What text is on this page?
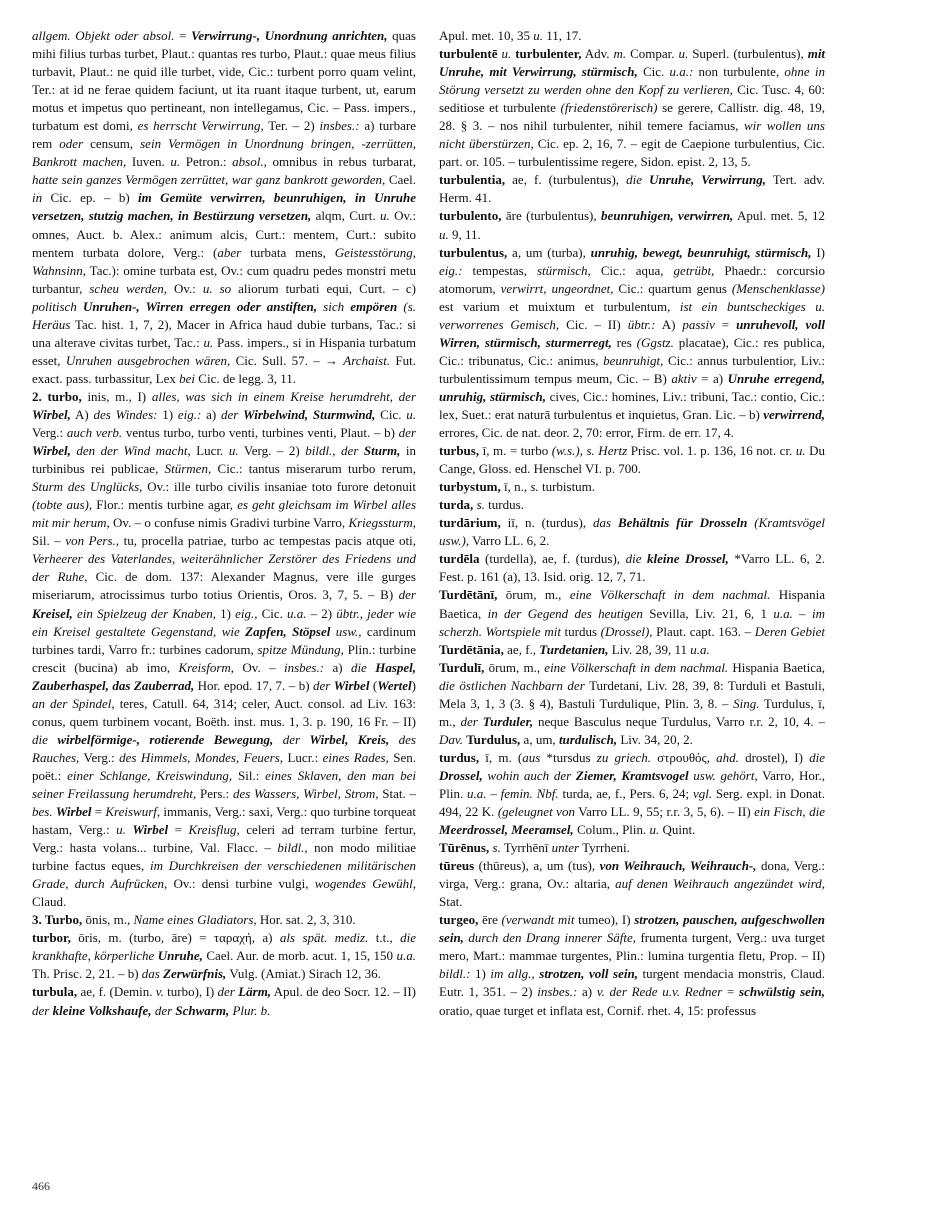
allgem. Objekt oder absol. = Verwirrung-, Unordnung anrichten, quas mihi filius turbas turbet, Plaut.: quantas res turbo, Plaut.: quae meus filius turbavit, Plaut.: ne quid ille turbet, vide, Cic.: turbent porro quam velint, Ter.: at id ne ferae quidem faciunt, ut ita ruant itaque turbent, ut, earum motus et impetus quo pertineant, non intellegamus, Cic. – Pass. impers., turbatum est domi, es herrscht Verwirrung, Ter. – 2) insbes.: a) turbare rem oder censum, sein Vermögen in Unordnung bringen, -zerrütten, Bankrott machen, Iuven. u. Petron.: absol., omnibus in rebus turbarat, hatte sein ganzes Vermögen zerrüttet, war ganz bankrott geworden, Cael. in Cic. ep. – b) im Gemüte verwirren, beunruhigen, in Unruhe versetzen, stutzig machen, in Bestürzung versetzen, alqm, Curt. u. Ov.: omnes, Auct. b. Alex.: animum alcis, Curt.: mentem, Curt.: subito mentem turbata dolore, Verg.: (aber turbata mens, Geistesstörung, Wahnsinn, Tac.): omine turbata est, Ov.: cum quadru pedes monstri metu turbantur, scheu werden, Ov.: u. so aliorum turbati equi, Curt. – c) politisch Unruhen-, Wirren erregen oder anstiften, sich empören (s. Heräus Tac. hist. 1, 7, 2), Macer in Africa haud dubie turbans, Tac.: si una alterave civitas turbet, Tac.: u. Pass. impers., si in Hispania turbatum esset, Unruhen ausgebrochen wären, Cic. Sull. 57. – → Archaist. Fut. exact. pass. turbassitur, Lex bei Cic. de legg. 3, 11.

2. turbo, inis, m., I) alles, was sich in einem Kreise herumdreht, der Wirbel, A) des Windes: 1) eig.: a) der Wirbelwind, Sturmwind, Cic. u. Verg.: auch verb. ventus turbo, turbo venti, turbines venti, Plaut. – b) der Wirbel, den der Wind macht, Lucr. u. Verg. – 2) bildl., der Sturm, in turbinibus rei publicae, Stürmen, Cic.: tantus miserarum turbo rerum, Sturm des Unglücks, Ov.: ille turbo civilis insaniae toto furore detonuit (tobte aus), Flor.: mentis turbine agar, es geht gleichsam im Wirbel alles mit mir herum, Ov. – o confuse nimis Gradivi turbine Varro, Kriegssturm, Sil. – von Pers., tu, procella patriae, turbo ac tempestas pacis atque oti, Verheerer des Vaterlandes, weiterähnlicher Zerstörer des Friedens und der Ruhe, Cic. de dom. 137: Alexander Magnus, vere ille gurges miseriarum, atrocissimus turbo totius Orientis, Oros. 3, 7, 5. – B) der Kreisel, ein Spielzeug der Knaben, 1) eig., Cic. u.a. – 2) übtr., jeder wie ein Kreisel gestaltete Gegenstand, wie Zapfen, Stöpsel usw., cardinum turbines tardi, Varro fr.: turbines cadorum, spitze Mündung, Plin.: turbine crescit (bucina) ab imo, Kreisform, Ov. – insbes.: a) die Haspel, Zauberhaspel, das Zauberrad, Hor. epod. 17, 7. – b) der Wirbel (Wertel) an der Spindel, teres, Catull. 64, 314; celer, Auct. consol. ad Liv. 163: conus, quem turbinem vocant, Boëth. inst. mus. 1, 3. p. 190, 16 Fr. – II) die wirbelförmige-, rotierende Bewegung, der Wirbel, Kreis, des Rauches, Verg.: des Himmels, Mondes, Feuers, Lucr.: eines Rades, Sen. poët.: einer Schlange, Kreiswindung, Sil.: eines Sklaven, den man bei seiner Freilassung herumdreht, Pers.: des Wassers, Wirbel, Strom, Stat. – bes. Wirbel = Kreiswurf, immanis, Verg.: saxi, Verg.: quo turbine torqueat hastam, Verg.: u. Wirbel = Kreisflug, celeri ad terram turbine fertur, Verg.: hasta volans... turbine, Val. Flacc. – bildl., non modo militiae turbine factus eques, im Durchkreisen der verschiedenen militärischen Grade, durch Aufrücken, Ov.: densi turbine vulgi, wogendes Gewühl, Claud.

3. Turbo, ōnis, m., Name eines Gladiators, Hor. sat. 2, 3, 310.

turbor, ōris, m. (turbo, āre) = ταραχή, a) als spät. mediz. t.t., die krankhafte, körperliche Unruhe, Cael. Aur. de morb. acut. 1, 15, 150 u.a. Th. Prisc. 2, 21. – b) das Zerwürfnis, Vulg. (Amiat.) Sirach 12, 36.

turbula, ae, f. (Demin. v. turbo), I) der Lärm, Apul. de deo Socr. 12. – II) der kleine Volkshaufe, der Schwarm, Plur. b.

Apul. met. 10, 35 u. 11, 17.

turbulentē u. turbulenter, Adv. m. Compar. u. Superl. (turbulentus), mit Unruhe, mit Verwirrung, stürmisch, Cic. u.a.: non turbulente, ohne in Störung versetzt zu werden ohne den Kopf zu verlieren, Cic. Tusc. 4, 60: seditiose et turbulente (friedenstörerisch) se gerere, Callistr. dig. 48, 19, 28. § 3. – nos nihil turbulenter, nihil temere faciamus, wir wollen uns nicht überstürzen, Cic. ep. 2, 16, 7. – egit de Caepione turbulentius, Cic. part. or. 105. – turbulentissime regere, Sidon. epist. 2, 13, 5.

turbulentia, ae, f. (turbulentus), die Unruhe, Verwirrung, Tert. adv. Herm. 41.

turbulento, āre (turbulentus), beunruhigen, verwirren, Apul. met. 5, 12 u. 9, 11.

turbulentus, a, um (turba), unruhig, bewegt, beunruhigt, stürmisch, I) eig.: tempestas, stürmisch, Cic.: aqua, getrübt, Phaedr.: corcursio atomorum, verwirrt, ungeordnet, Cic.: quartum genus (Menschenklasse) est varium et muixtum et turbulentum, ist ein buntscheckiges u. verworrenes Gemisch, Cic. – II) übtr.: A) passiv = unruhevoll, voll Wirren, stürmisch, sturmerregt, res (Ggstz. placatae), Cic.: res publica, Cic.: tribunatus, Cic.: animus, beunruhigt, Cic.: annus turbulentior, Liv.: turbulentissimum tempus meum, Cic. – B) aktiv = a) Unruhe erregend, unruhig, stürmisch, cives, Cic.: homines, Liv.: tribuni, Tac.: contio, Cic.: lex, Suet.: erat naturā turbulentus et inquietus, Gran. Lic. – b) verwirrend, errores, Cic. de nat. deor. 2, 70: error, Firm. de err. 17, 4.

turbus, ī, m. = turbo (w.s.), s. Hertz Prisc. vol. 1. p. 136, 16 not. cr. u. Du Cange, Gloss. ed. Henschel VI. p. 700.

turbystum, ī, n., s. turbistum.

turda, s. turdus.

turdārium, iī, n. (turdus), das Behältnis für Drosseln (Kramtsvögel usw.), Varro LL. 6, 2.

turdēla (turdella), ae, f. (turdus), die kleine Drossel, *Varro LL. 6, 2. Fest. p. 161 (a), 13. Isid. orig. 12, 7, 71.

Turdētānī, ōrum, m., eine Völkerschaft in dem nachmal. Hispania Baetica, in der Gegend des heutigen Sevilla, Liv. 21, 6, 1 u.a. – im scherzh. Wortspiele mit turdus (Drossel), Plaut. capt. 163. – Deren Gebiet Turdētānia, ae, f., Turdetanien, Liv. 28, 39, 11 u.a.

Turdulī, ōrum, m., eine Völkerschaft in dem nachmal. Hispania Baetica, die östlichen Nachbarn der Turdetani, Liv. 28, 39, 8: Turduli et Bastuli, Mela 3, 1, 3 (3. § 4), Bastuli Turdulique, Plin. 3, 8. – Sing. Turdulus, ī, m., der Turduler, neque Basculus neque Turdulus, Varro r.r. 2, 10, 4. – Dav. Turdulus, a, um, turdulisch, Liv. 34, 20, 2.

turdus, ī, m. (aus *tursdus zu griech. στρουθός, ahd. drostel), I) die Drossel, wohin auch der Ziemer, Kramtsvogel usw. gehört, Varro, Hor., Plin. u.a. – femin. Nbf. turda, ae, f., Pers. 6, 24; vgl. Serg. expl. in Donat. 494, 22 K. (geleugnet von Varro LL. 9, 55; r.r. 3, 5, 6). – II) ein Fisch, die Meerdrossel, Meeramsel, Colum., Plin. u. Quint.

Tūrēnus, s. Tyrrhēnī unter Tyrrheni.

tūreus (thūreus), a, um (tus), von Weihrauch, Weihrauch-, dona, Verg.: virga, Verg.: grana, Ov.: altaria, auf denen Weihrauch angezündet wird, Stat.

turgeo, ēre (verwandt mit tumeo), I) strotzen, pauschen, aufgeschwollen sein, durch den Drang innerer Säfte, frumenta turgent, Verg.: uva turget mero, Mart.: mammae turgentes, Plin.: lumina turgentia fletu, Prop. – II) bildl.: 1) im allg., strotzen, voll sein, turgent mendacia monstris, Claud. Eutr. 1, 351. – 2) insbes.: a) v. der Rede u.v. Redner = schwülstig sein, oratio, quae turget et inflata est, Cornif. rhet. 4, 15: professus

466
